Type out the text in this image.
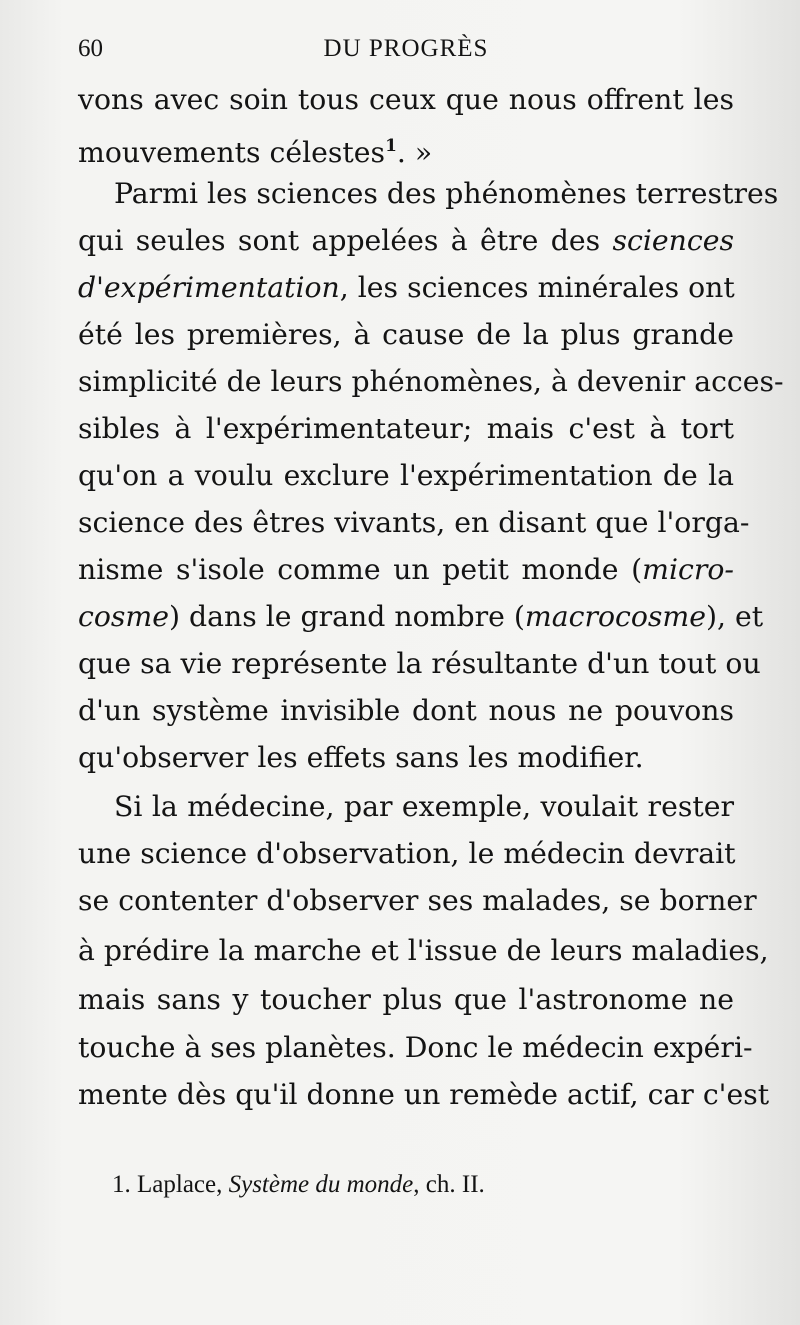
60	DU PROGRÈS
vons avec soin tous ceux que nous offrent les
mouvements célestes$^1$. »
Parmi les sciences des phénomènes terrestres
qui seules sont appelées à être des sciences
d'expérimentation, les sciences minérales ont
été les premières, à cause de la plus grande
simplicité de leurs phénomènes, à devenir acces-
sibles à l'expérimentateur; mais c'est à tort
qu'on a voulu exclure l'expérimentation de la
science des êtres vivants, en disant que l'orga-
nisme s'isole comme un petit monde (micro-
cosme) dans le grand nombre (macrocosme), et
que sa vie représente la résultante d'un tout ou
d'un système invisible dont nous ne pouvons
qu'observer les effets sans les modifier.
Si la médecine, par exemple, voulait rester
une science d'observation, le médecin devrait
se contenter d'observer ses malades, se borner
à prédire la marche et l'issue de leurs maladies,
mais sans y toucher plus que l'astronome ne
touche à ses planètes. Donc le médecin expéri-
mente dès qu'il donne un remède actif, car c'est
1. Laplace, Système du monde, ch. II.
